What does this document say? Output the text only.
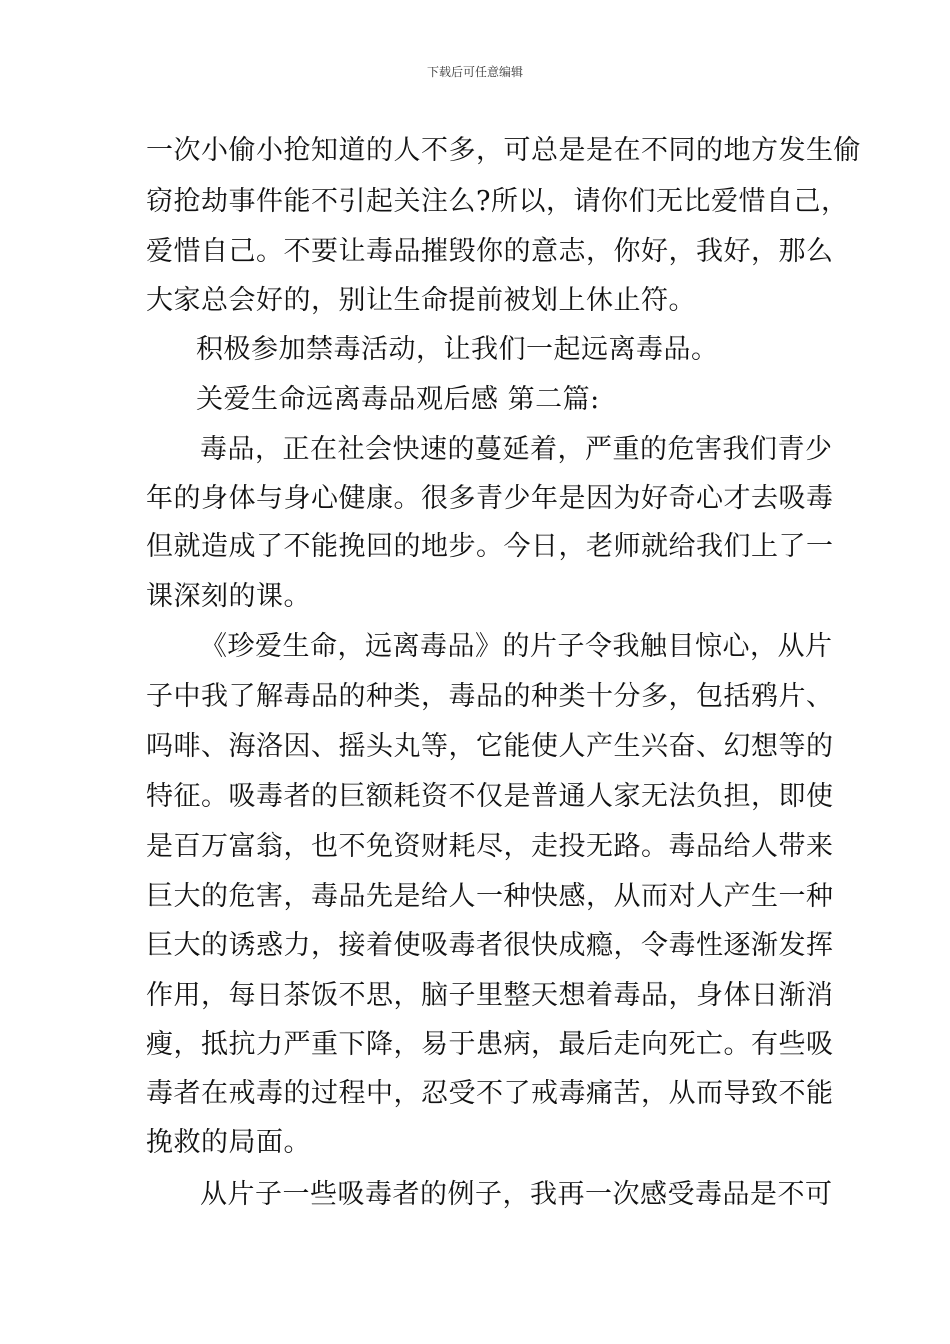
下载后可任意编辑
一次小偷小抢知道的人不多，可总是是在不同的地方发生偷
窃抢劫事件能不引起关注么?所以，请你们无比爱惜自己，
爱惜自己。不要让毒品摧毁你的意志，你好，我好，那么
大家总会好的，别让生命提前被划上休止符。
积极参加禁毒活动，让我们一起远离毒品。
关爱生命远离毒品观后感 第二篇:
毒品，正在社会快速的蔓延着，严重的危害我们青少
年的身体与身心健康。很多青少年是因为好奇心才去吸毒
但就造成了不能挽回的地步。今日，老师就给我们上了一
课深刻的课。
《珍爱生命，远离毒品》的片子令我触目惊心，从片
子中我了解毒品的种类，毒品的种类十分多，包括鸦片、
吗啡、海洛因、摇头丸等，它能使人产生兴奋、幻想等的
特征。吸毒者的巨额耗资不仅是普通人家无法负担，即使
是百万富翁，也不免资财耗尽，走投无路。毒品给人带来
巨大的危害，毒品先是给人一种快感，从而对人产生一种
巨大的诱惑力，接着使吸毒者很快成瘾，令毒性逐渐发挥
作用，每日茶饭不思，脑子里整天想着毒品，身体日渐消
瘦，抵抗力严重下降，易于患病，最后走向死亡。有些吸
毒者在戒毒的过程中，忍受不了戒毒痛苦，从而导致不能
挽救的局面。
从片子一些吸毒者的例子，我再一次感受毒品是不可
